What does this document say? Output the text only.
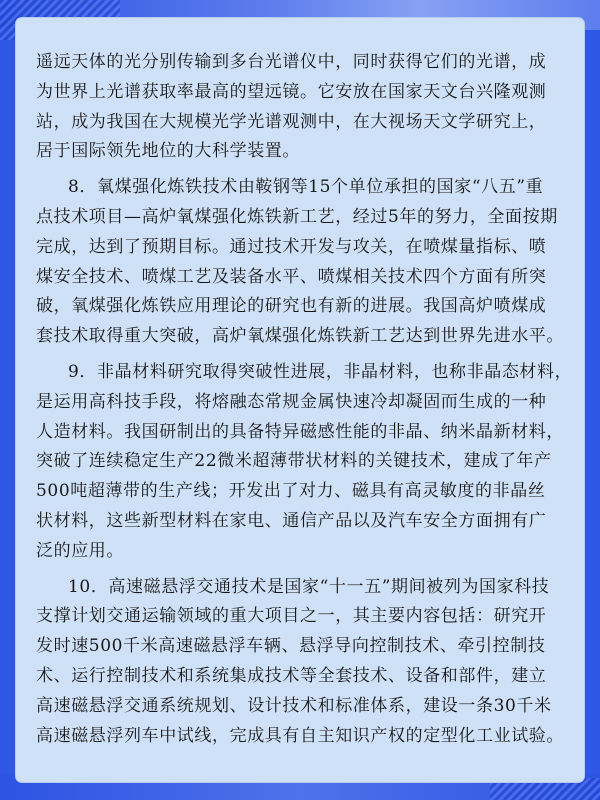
遥远天体的光分别传输到多台光谱仪中，同时获得它们的光谱，成
为世界上光谱获取率最高的望远镜。它安放在国家天文台兴隆观测
站，成为我国在大规模光学光谱观测中，在大视场天文学研究上，
居于国际领先地位的大科学装置。

8．氧煤强化炼铁技术由鞍钢等15个单位承担的国家“八五”重
点技术项目—高炉氧煤强化炼铁新工艺，经过5年的努力，全面按期
完成，达到了预期目标。通过技术开发与攻关，在喷煤量指标、喷
煤安全技术、喷煤工艺及装备水平、喷煤相关技术四个方面有所突
破，氧煤强化炼铁应用理论的研究也有新的进展。我国高炉喷煤成
套技术取得重大突破，高炉氧煤强化炼铁新工艺达到世界先进水平。

9．非晶材料研究取得突破性进展，非晶材料，也称非晶态材料，
是运用高科技手段，将熔融态常规金属快速冷却凝固而生成的一种
人造材料。我国研制出的具备特异磁感性能的非晶、纳米晶新材料，
突破了连续稳定生产22微米超薄带状材料的关键技术，建成了年产
500吨超薄带的生产线；开发出了对力、磁具有高灵敏度的非晶丝
状材料，这些新型材料在家电、通信产品以及汽车安全方面拥有广
泛的应用。

10．高速磁悬浮交通技术是国家“十一五”期间被列为国家科技
支撑计划交通运输领域的重大项目之一，其主要内容包括：研究开
发时速500千米高速磁悬浮车辆、悬浮导向控制技术、牵引控制技
术、运行控制技术和系统集成技术等全套技术、设备和部件，建立
高速磁悬浮交通系统规划、设计技术和标准体系，建设一条30千米
高速磁悬浮列车中试线，完成具有自主知识产权的定型化工业试验。
